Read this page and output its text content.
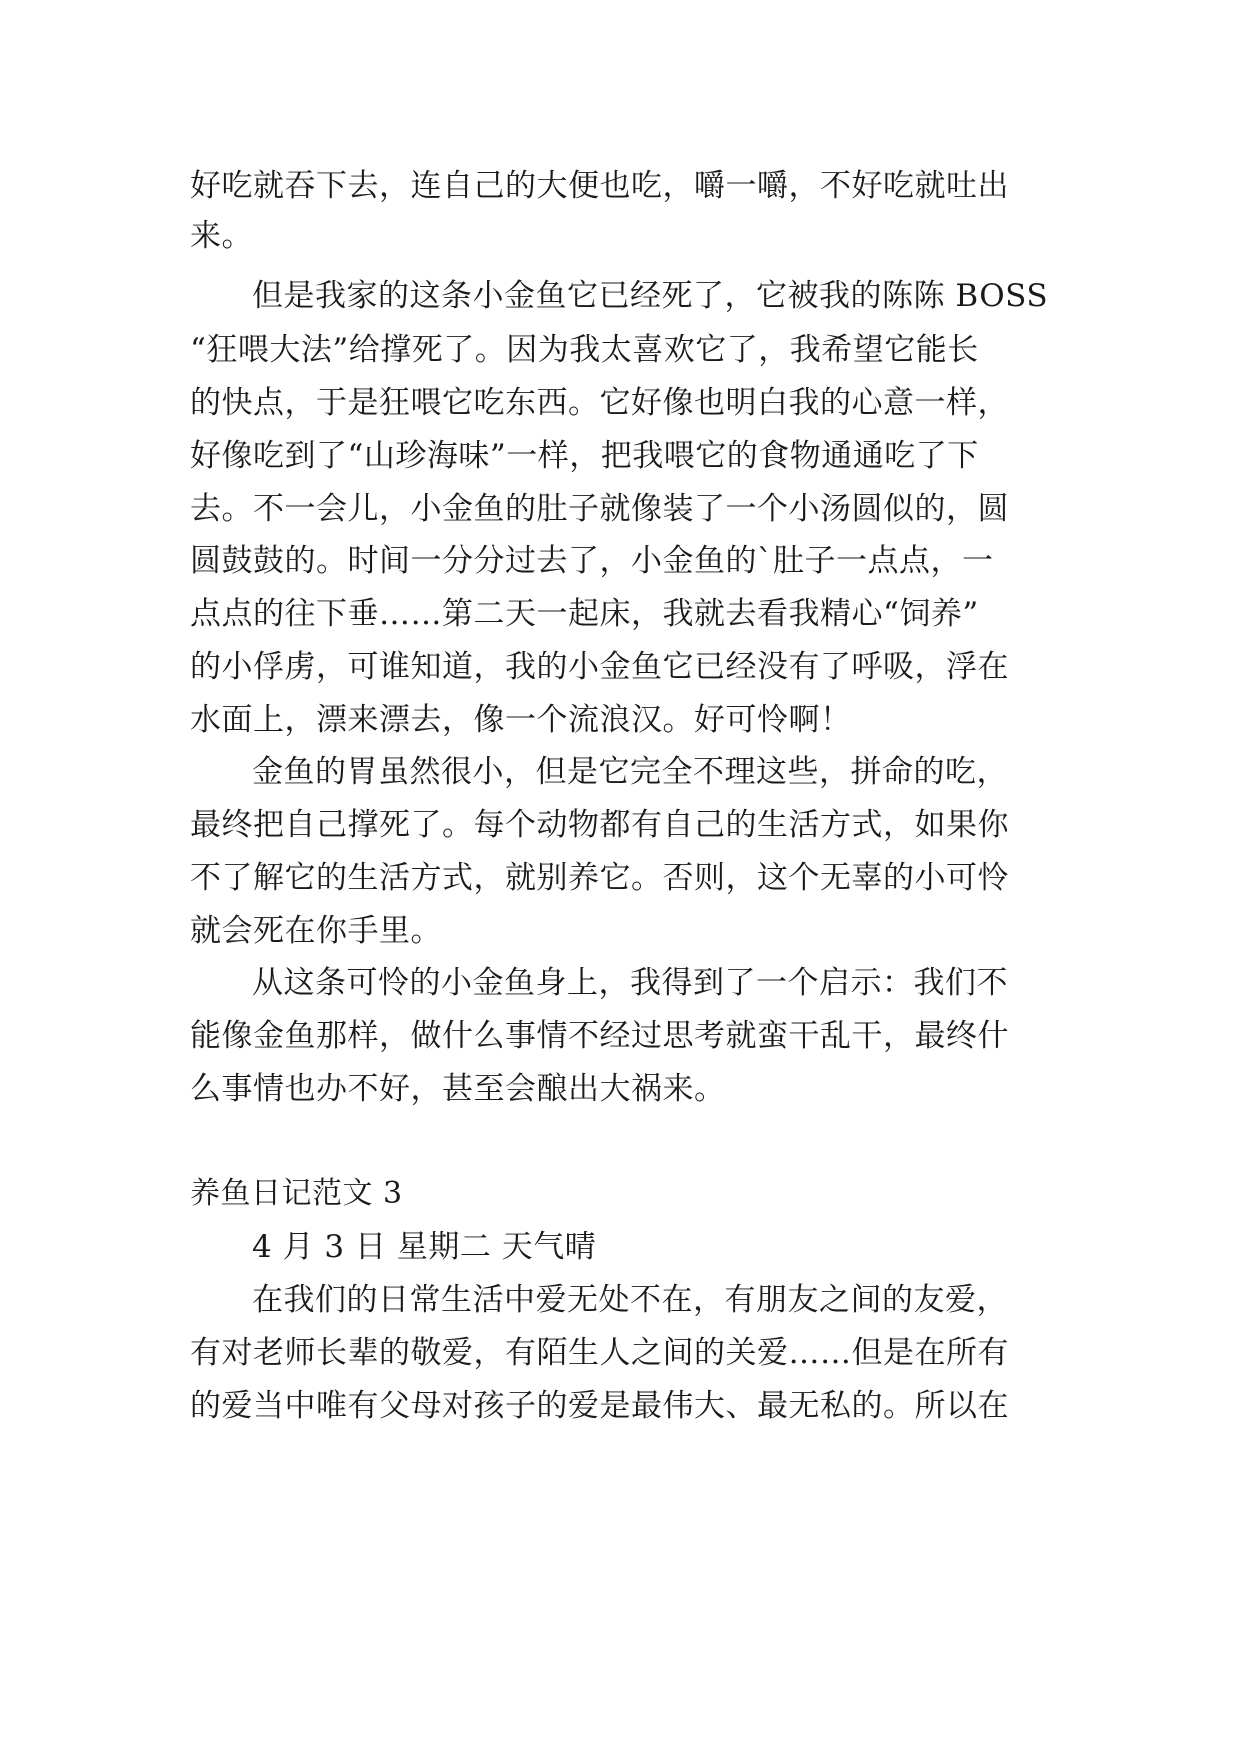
好吃就吞下去，连自己的大便也吃，嚼一嚼，不好吃就吐出
来。
但是我家的这条小金鱼它已经死了，它被我的陈陈 BOSS
“狂喂大法”给撑死了。因为我太喜欢它了，我希望它能长
的快点，于是狂喂它吃东西。它好像也明白我的心意一样，
好像吃到了“山珍海味”一样，把我喂它的食物通通吃了下
去。不一会儿，小金鱼的肚子就像装了一个小汤圆似的，圆
圆鼓鼓的。时间一分分过去了，小金鱼的`肚子一点点，一
点点的往下垂……第二天一起床，我就去看我精心“饲养”
的小俘虏，可谁知道，我的小金鱼它已经没有了呼吸，浮在
水面上，漂来漂去，像一个流浪汉。好可怜啊！
金鱼的胃虽然很小，但是它完全不理这些，拼命的吃，
最终把自己撑死了。每个动物都有自己的生活方式，如果你
不了解它的生活方式，就别养它。否则，这个无辜的小可怜
就会死在你手里。
从这条可怜的小金鱼身上，我得到了一个启示：我们不
能像金鱼那样，做什么事情不经过思考就蛮干乱干，最终什
么事情也办不好，甚至会酿出大祸来。
养鱼日记范文 3
4 月 3 日 星期二 天气晴
在我们的日常生活中爱无处不在，有朋友之间的友爱，
有对老师长辈的敬爱，有陌生人之间的关爱……但是在所有
的爱当中唯有父母对孩子的爱是最伟大、最无私的。所以在
